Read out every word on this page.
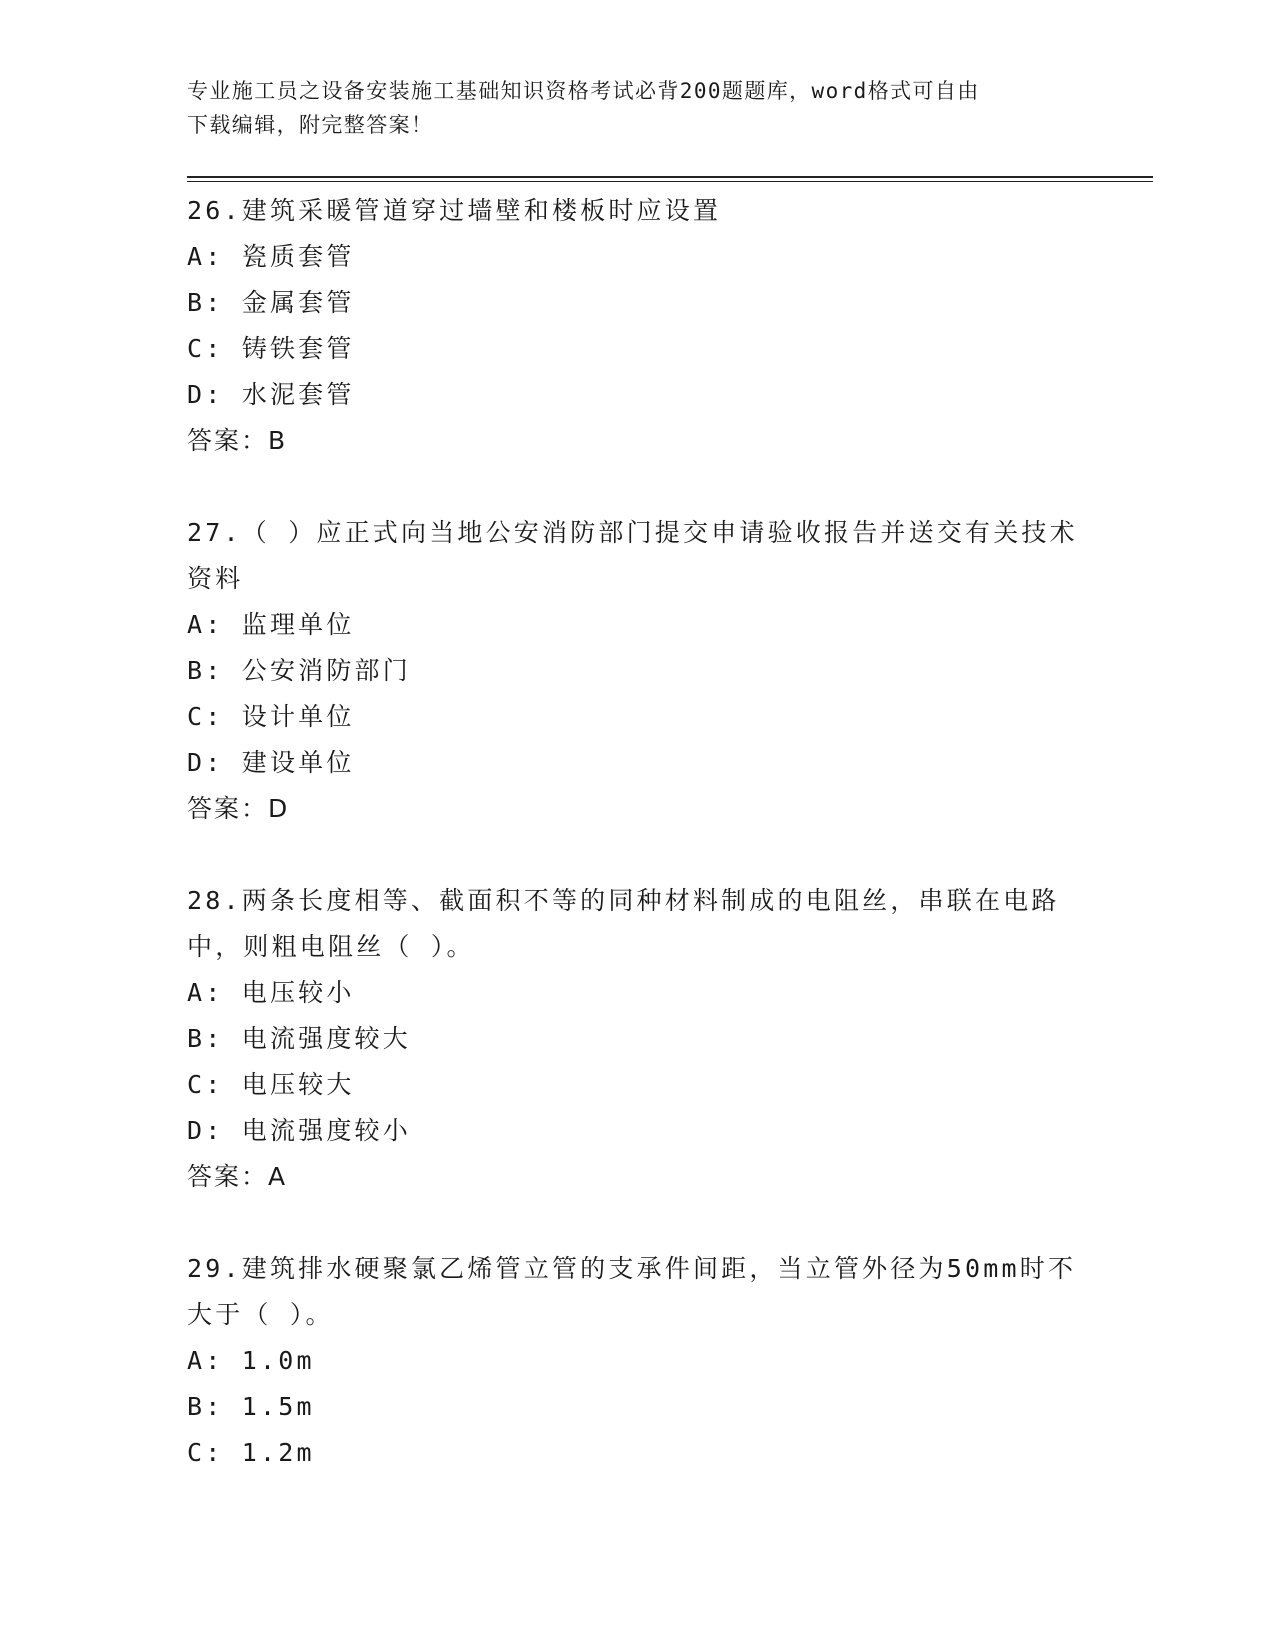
专业施工员之设备安装施工基础知识资格考试必背200题题库，word格式可自由
下载编辑，附完整答案！

26.建筑采暖管道穿过墙壁和楼板时应设置

A: 瓷质套管

B: 金属套管

C: 铸铁套管

D: 水泥套管

答案：B

27.（ ）应正式向当地公安消防部门提交申请验收报告并送交有关技术资料

A: 监理单位

B: 公安消防部门

C: 设计单位

D: 建设单位

答案：D

28.两条长度相等、截面积不等的同种材料制成的电阻丝，串联在电路中，则粗电阻丝（ ）。

A: 电压较小

B: 电流强度较大

C: 电压较大

D: 电流强度较小

答案：A

29.建筑排水硬聚氯乙烯管立管的支承件间距，当立管外径为50mm时不大于（ ）。

A: 1.0m

B: 1.5m

C: 1.2m
